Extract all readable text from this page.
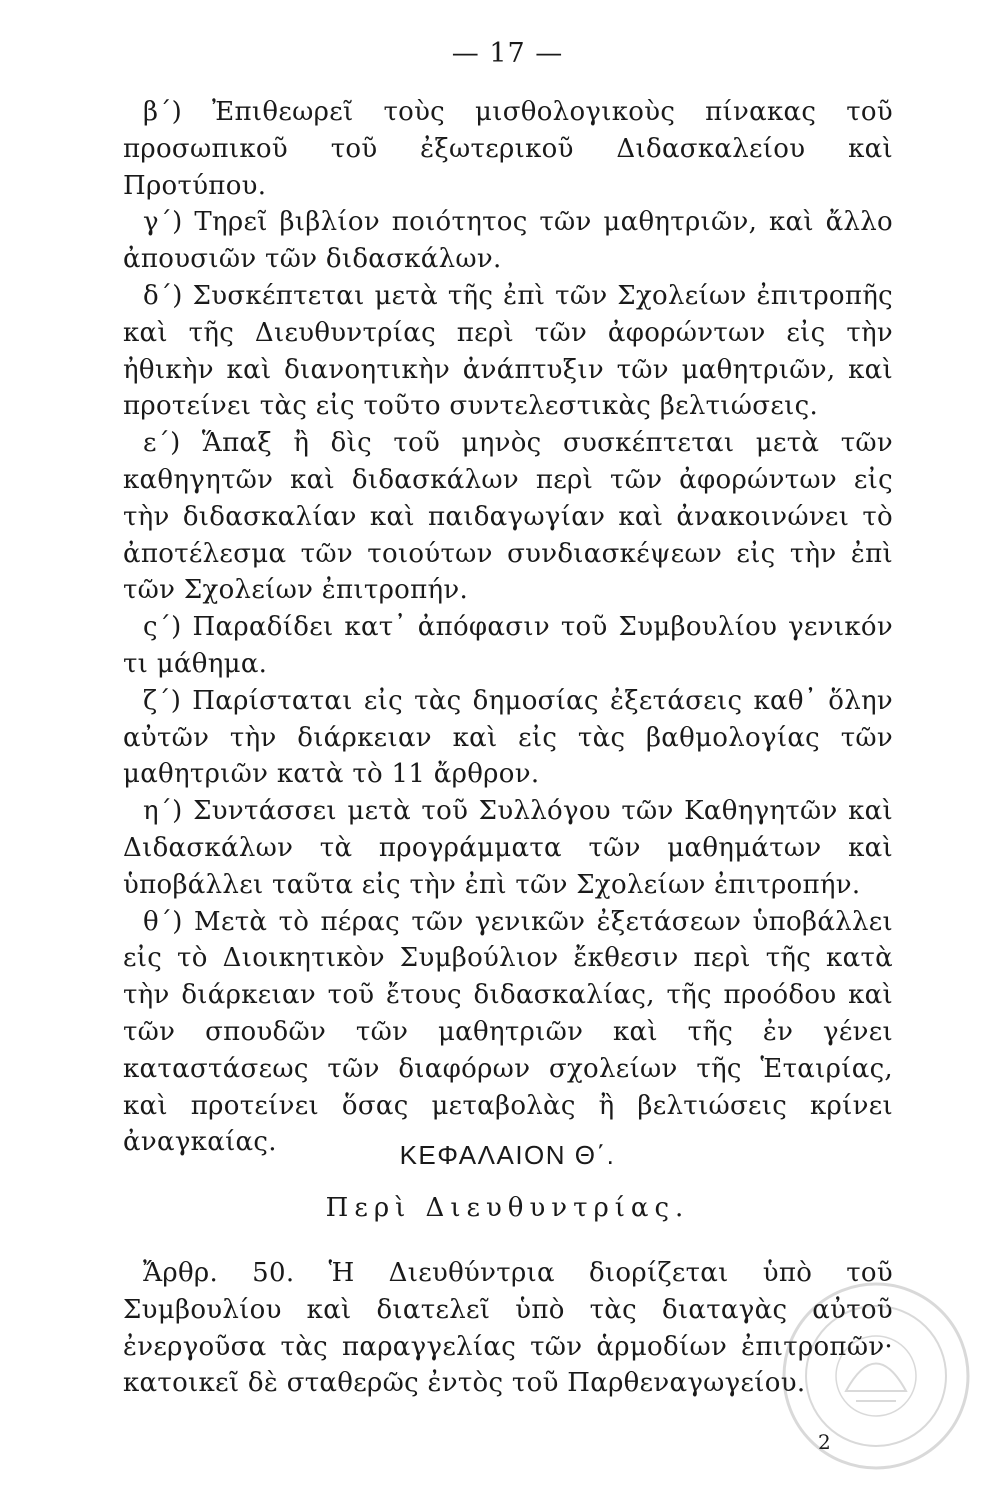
— 17 —

β΄) Ἐπιθεωρεῖ τοὺς μισθολογικοὺς πίνακας τοῦ προσωπικοῦ τοῦ ἐξωτερικοῦ Διδασκαλείου καὶ Προτύπου.

γ΄) Τηρεῖ βιβλίον ποιότητος τῶν μαθητριῶν, καὶ ἄλλο ἀπουσιῶν τῶν διδασκάλων.

δ΄) Συσκέπτεται μετὰ τῆς ἐπὶ τῶν Σχολείων ἐπιτροπῆς καὶ τῆς Διευθυντρίας περὶ τῶν ἀφορώντων εἰς τὴν ἠθικὴν καὶ διανοητικὴν ἀνάπτυξιν τῶν μαθητριῶν, καὶ προτείνει τὰς εἰς τοῦτο συντελεστικὰς βελτιώσεις.

ε΄) Ἅπαξ ἢ δὶς τοῦ μηνὸς συσκέπτεται μετὰ τῶν καθηγητῶν καὶ διδασκάλων περὶ τῶν ἀφορώντων εἰς τὴν διδασκαλίαν καὶ παιδαγωγίαν καὶ ἀνακοινώνει τὸ ἀποτέλεσμα τῶν τοιούτων συνδιασκέψεων εἰς τὴν ἐπὶ τῶν Σχολείων ἐπιτροπήν.

ς΄) Παραδίδει κατ᾽ ἀπόφασιν τοῦ Συμβουλίου γενικόν τι μάθημα.

ζ΄) Παρίσταται εἰς τὰς δημοσίας ἐξετάσεις καθ᾽ ὅλην αὐτῶν τὴν διάρκειαν καὶ εἰς τὰς βαθμολογίας τῶν μαθητριῶν κατὰ τὸ 11 ἄρθρον.

η΄) Συντάσσει μετὰ τοῦ Συλλόγου τῶν Καθηγητῶν καὶ Διδασκάλων τὰ προγράμματα τῶν μαθημάτων καὶ ὑποβάλλει ταῦτα εἰς τὴν ἐπὶ τῶν Σχολείων ἐπιτροπήν.

θ΄) Μετὰ τὸ πέρας τῶν γενικῶν ἐξετάσεων ὑποβάλλει εἰς τὸ Διοικητικὸν Συμβούλιον ἔκθεσιν περὶ τῆς κατὰ τὴν διάρκειαν τοῦ ἔτους διδασκαλίας, τῆς προόδου καὶ τῶν σπουδῶν τῶν μαθητριῶν καὶ τῆς ἐν γένει καταστάσεως τῶν διαφόρων σχολείων τῆς Ἑταιρίας, καὶ προτείνει ὅσας μεταβολὰς ἢ βελτιώσεις κρίνει ἀναγκαίας.	ΚΕΦΑΛΑΙΟΝ Θ΄.
Περὶ Διευθυντρίας.

Ἄρθρ. 50. Ἡ Διευθύντρια διορίζεται ὑπὸ τοῦ Συμβουλίου καὶ διατελεῖ ὑπὸ τὰς διαταγὰς αὐτοῦ ἐνεργοῦσα τὰς παραγγελίας τῶν ἁρμοδίων ἐπιτροπῶν· κατοικεῖ δὲ σταθερῶς ἐντὸς τοῦ Παρθεναγωγείου.

2
